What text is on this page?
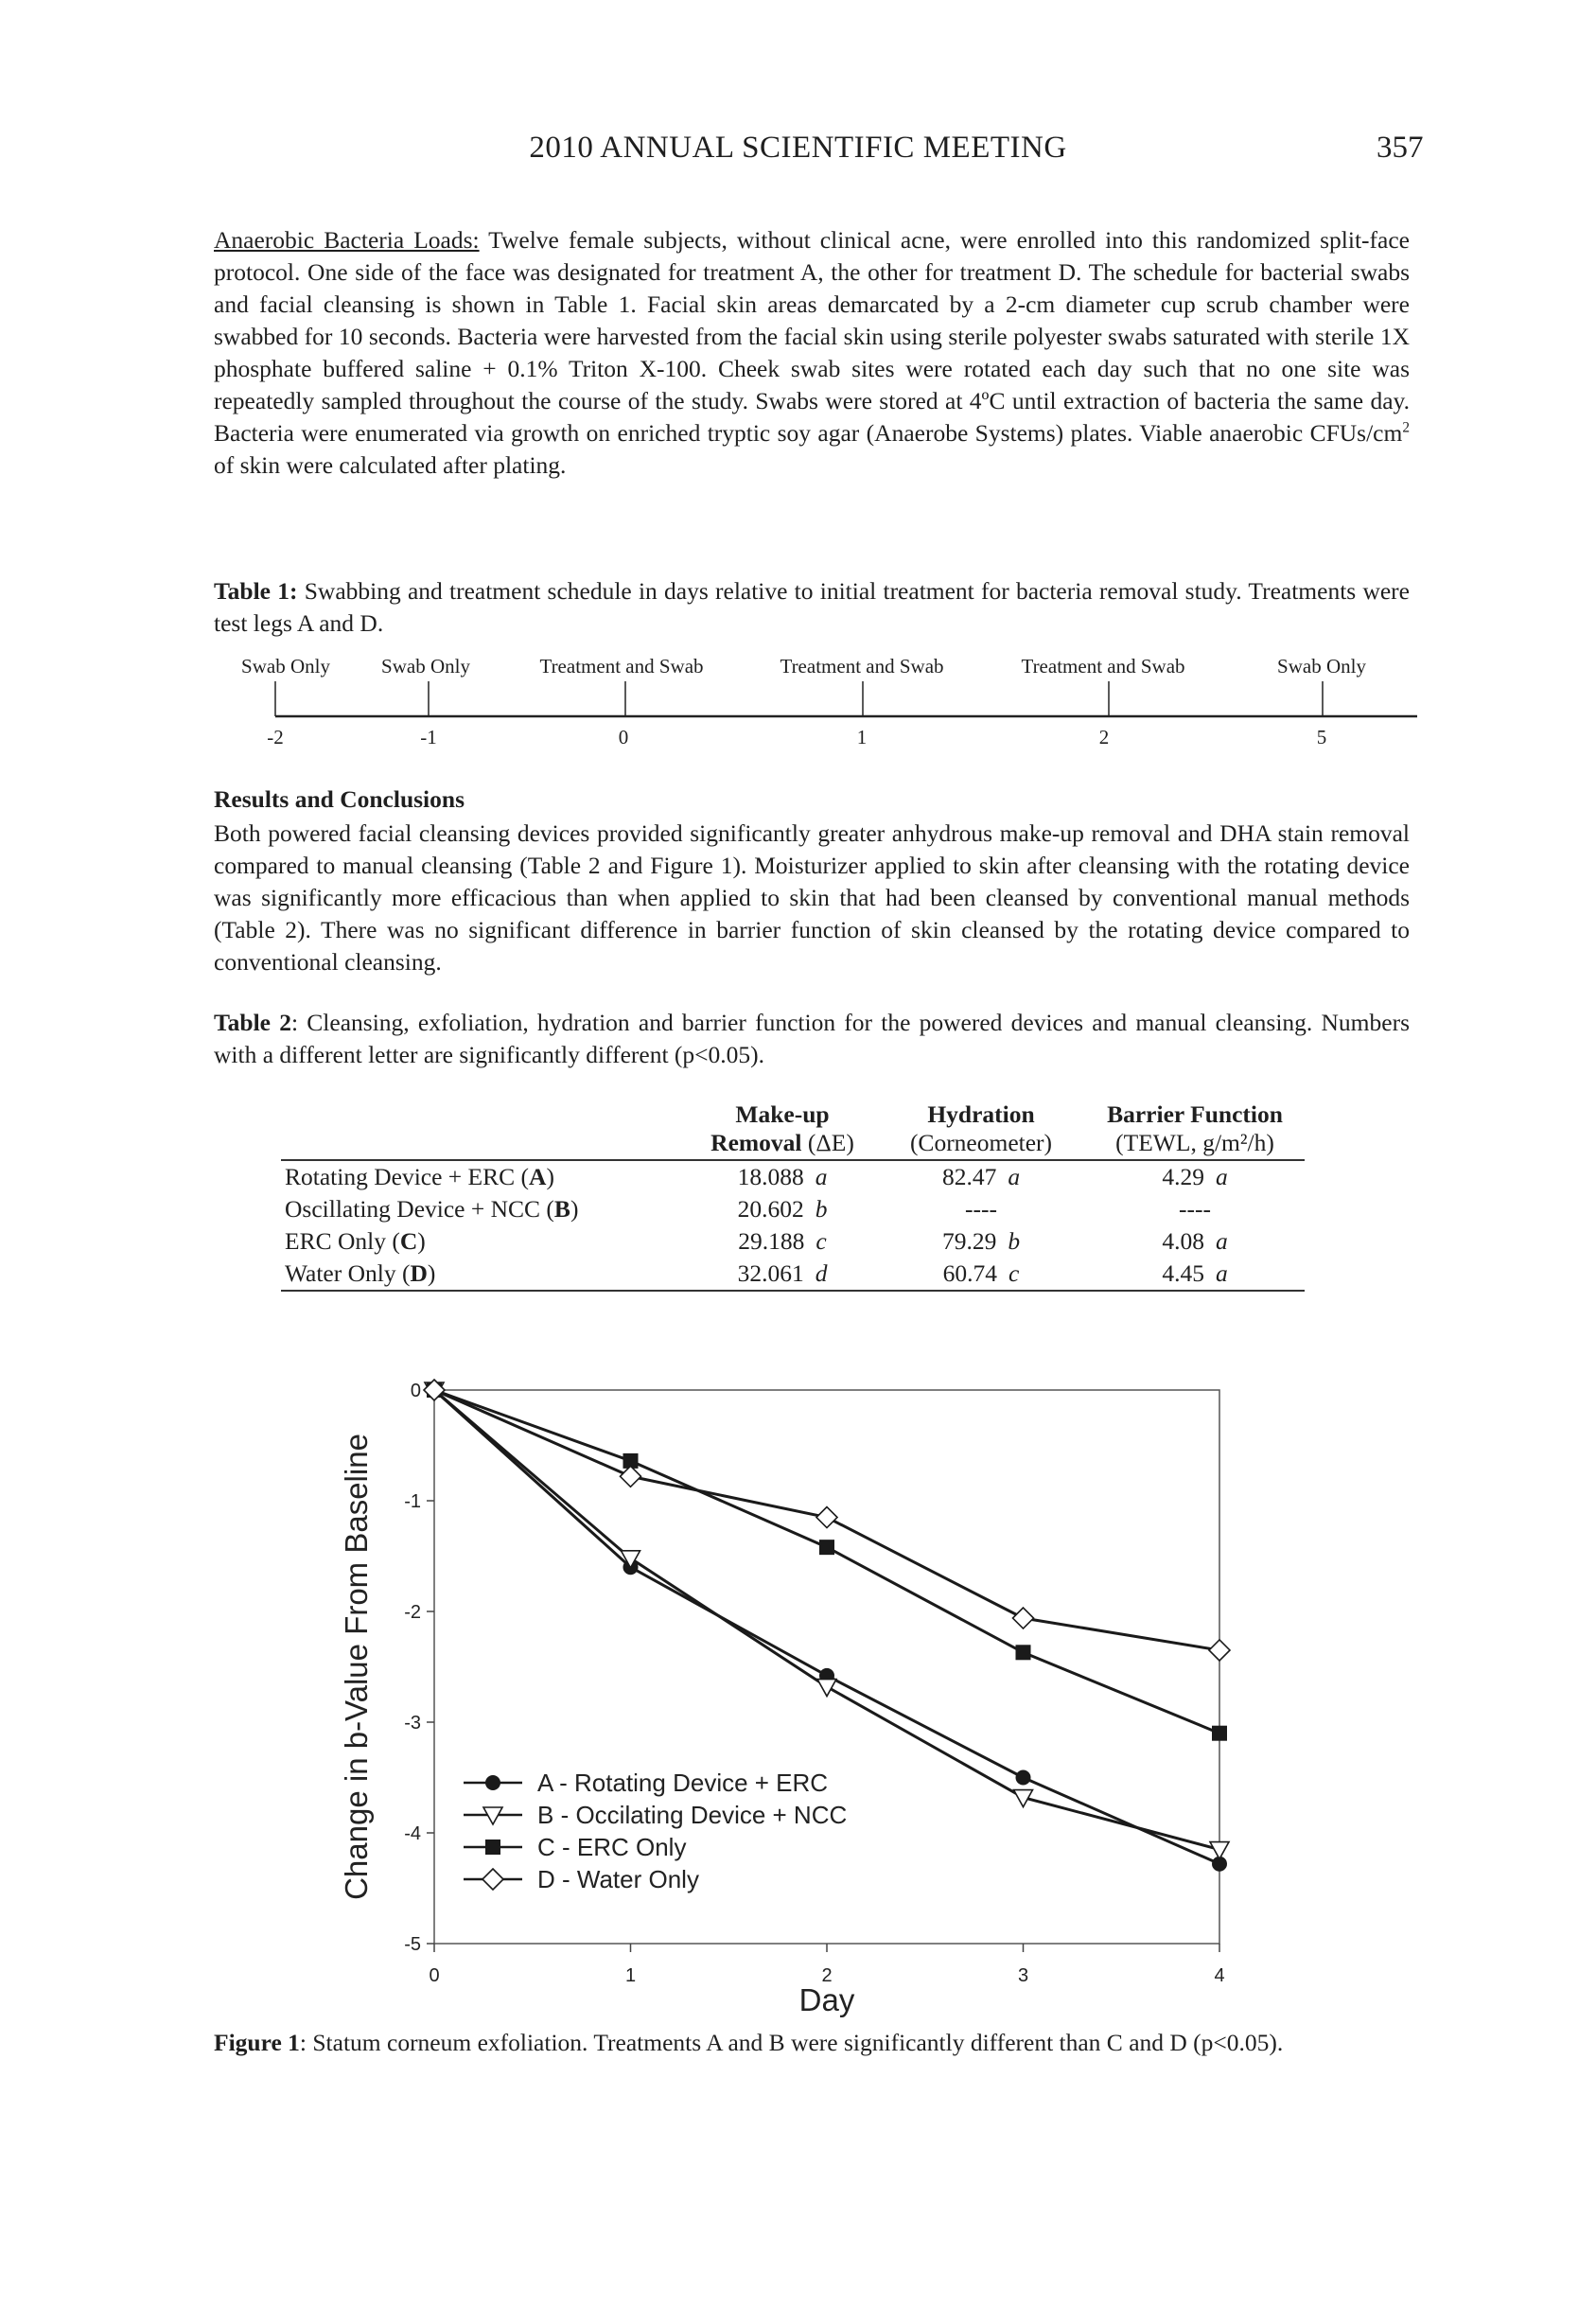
2010 ANNUAL SCIENTIFIC MEETING	357
Anaerobic Bacteria Loads: Twelve female subjects, without clinical acne, were enrolled into this randomized split-face protocol. One side of the face was designated for treatment A, the other for treatment D. The schedule for bacterial swabs and facial cleansing is shown in Table 1. Facial skin areas demarcated by a 2-cm diameter cup scrub chamber were swabbed for 10 seconds. Bacteria were harvested from the facial skin using sterile polyester swabs saturated with sterile 1X phosphate buffered saline + 0.1% Triton X-100. Cheek swab sites were rotated each day such that no one site was repeatedly sampled throughout the course of the study. Swabs were stored at 4ºC until extraction of bacteria the same day. Bacteria were enumerated via growth on enriched tryptic soy agar (Anaerobe Systems) plates. Viable anaerobic CFUs/$cm^2$ of skin were calculated after plating.
Table 1: Swabbing and treatment schedule in days relative to initial treatment for bacteria removal study. Treatments were test legs A and D.
Swab Only	Swab Only	Treatment and Swab	Treatment and Swab	Treatment and Swab	Swab Only
-2	-1	0	1	2	5
Results and Conclusions
Both powered facial cleansing devices provided significantly greater anhydrous make-up removal and DHA stain removal compared to manual cleansing (Table 2 and Figure 1). Moisturizer applied to skin after cleansing with the rotating device was significantly more efficacious than when applied to skin that had been cleansed by conventional manual methods (Table 2). There was no significant difference in barrier function of skin cleansed by the rotating device compared to conventional cleansing.
Table 2: Cleansing, exfoliation, hydration and barrier function for the powered devices and manual cleansing. Numbers with a different letter are significantly different (p<0.05).
	Make-up	Hydration	Barrier Function
	Removal (ΔE)	(Corneometer)	(TEWL, g/m²/h)
Rotating Device + ERC (A)	18.088 a	82.47 a	4.29 a
Oscillating Device + NCC (B)	20.602 b	----	----
ERC Only (C)	29.188 c	79.29 b	4.08 a
Water Only (D)	32.061 d	60.74 c	4.45 a
0
-1
-2
-3
-4
-5
0	1	2	3	4
Day
Change in b-Value From Baseline	A - Rotating Device + ERC
B - Occilating Device + NCC
C - ERC Only
D - Water Only
Figure 1: Statum corneum exfoliation. Treatments A and B were significantly different than C and D (p<0.05).
